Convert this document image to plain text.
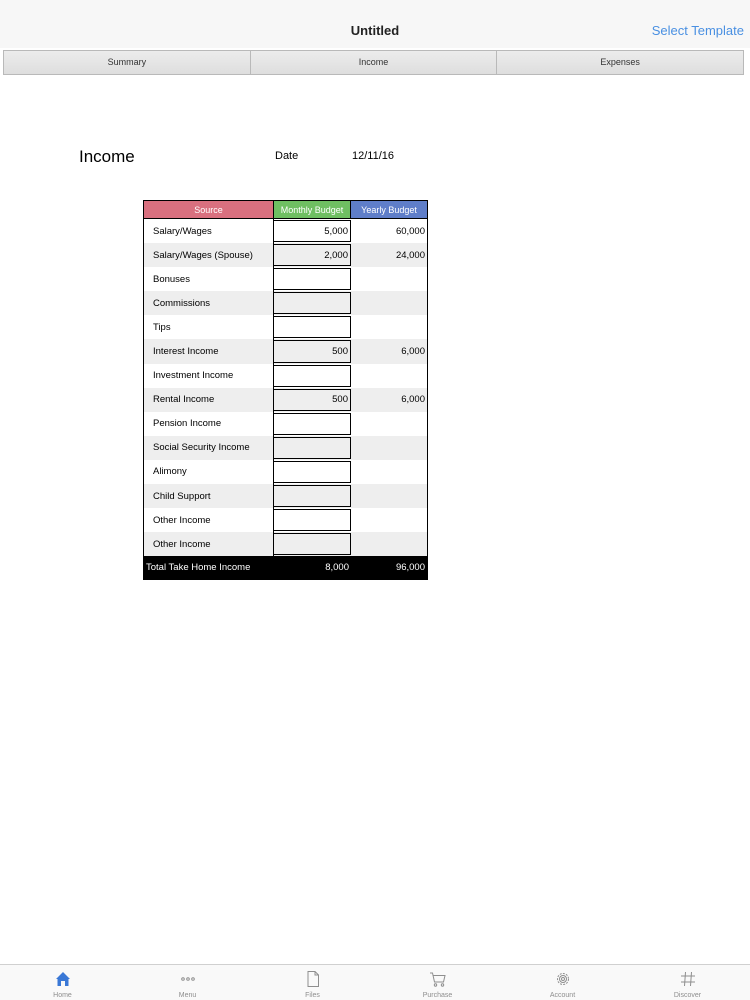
Untitled	Select Template
Summary	Income	Expenses
Income	Date	12/11/16
Source	Monthly Budget	Yearly Budget
Salary/Wages	5,000	60,000
Salary/Wages (Spouse)	2,000	24,000
Bonuses
Commissions
Tips
Interest Income	500	6,000
Investment Income
Rental Income	500	6,000
Pension Income
Social Security Income
Alimony
Child Support
Other Income
Other Income
Total Take Home Income	8,000	96,000
Home	Menu	Files	Purchase	Account	Discover
